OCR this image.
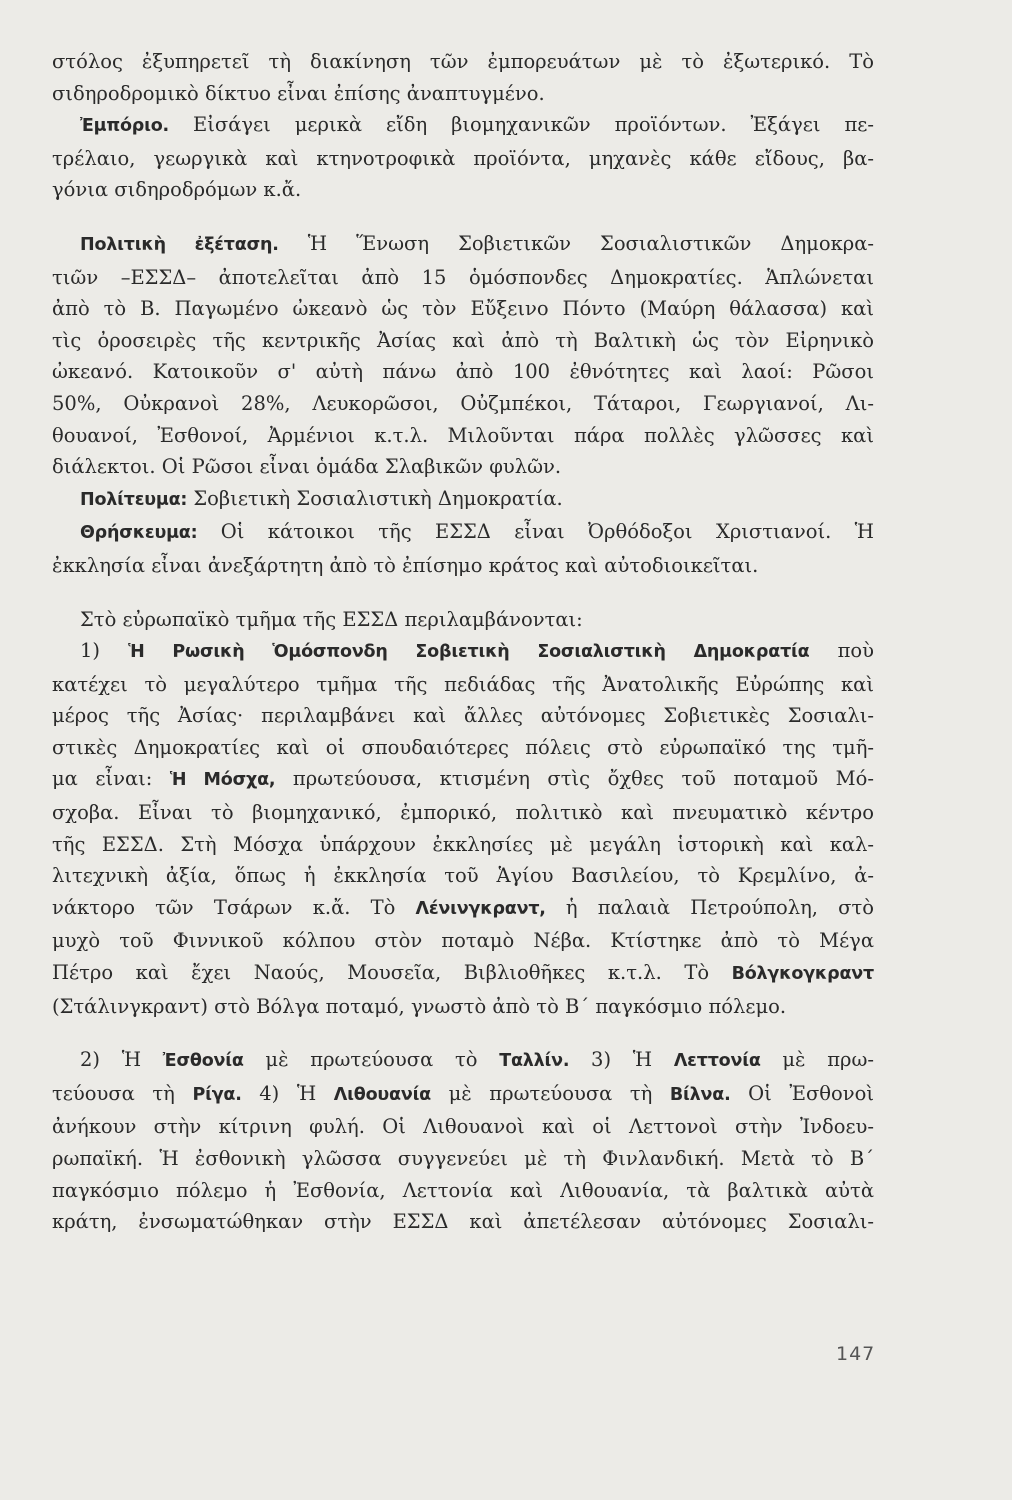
στόλος ἐξυπηρετεῖ τὴ διακίνηση τῶν ἐμπορευάτων μὲ τὸ ἐξωτερικό. Τὸ
σιδηροδρομικὸ δίκτυο εἶναι ἐπίσης ἀναπτυγμένο.
Ἐμπόριο. Εἰσάγει μερικὰ εἴδη βιομηχανικῶν προϊόντων. Ἐξάγει πε-
τρέλαιο, γεωργικὰ καὶ κτηνοτροφικὰ προϊόντα, μηχανὲς κάθε εἴδους, βα-
γόνια σιδηροδρόμων κ.ἄ.
Πολιτικὴ ἐξέταση. Ἡ Ἕνωση Σοβιετικῶν Σοσιαλιστικῶν Δημοκρα-
τιῶν –ΕΣΣΔ– ἀποτελεῖται ἀπὸ 15 ὁμόσπονδες Δημοκρατίες. Ἁπλώνεται
ἀπὸ τὸ Β. Παγωμένο ὠκεανὸ ὡς τὸν Εὔξεινο Πόντο (Μαύρη θάλασσα) καὶ
τὶς ὀροσειρὲς τῆς κεντρικῆς Ἀσίας καὶ ἀπὸ τὴ Βαλτικὴ ὡς τὸν Εἰρηνικὸ
ὠκεανό. Κατοικοῦν σ' αὐτὴ πάνω ἀπὸ 100 ἐθνότητες καὶ λαοί: Ρῶσοι
50%, Οὐκρανοὶ 28%, Λευκορῶσοι, Οὐζμπέκοι, Τάταροι, Γεωργιανοί, Λι-
θουανοί, Ἐσθονοί, Ἀρμένιοι κ.τ.λ. Μιλοῦνται πάρα πολλὲς γλῶσσες καὶ
διάλεκτοι. Οἱ Ρῶσοι εἶναι ὁμάδα Σλαβικῶν φυλῶν.
Πολίτευμα: Σοβιετικὴ Σοσιαλιστικὴ Δημοκρατία.
Θρήσκευμα: Οἱ κάτοικοι τῆς ΕΣΣΔ εἶναι Ὀρθόδοξοι Χριστιανοί. Ἡ
ἐκκλησία εἶναι ἀνεξάρτητη ἀπὸ τὸ ἐπίσημο κράτος καὶ αὐτοδιοικεῖται.
Στὸ εὐρωπαϊκὸ τμῆμα τῆς ΕΣΣΔ περιλαμβάνονται:
1) Ἡ Ρωσικὴ Ὁμόσπονδη Σοβιετικὴ Σοσιαλιστικὴ Δημοκρατία ποὺ
κατέχει τὸ μεγαλύτερο τμῆμα τῆς πεδιάδας τῆς Ἀνατολικῆς Εὐρώπης καὶ
μέρος τῆς Ἀσίας· περιλαμβάνει καὶ ἄλλες αὐτόνομες Σοβιετικὲς Σοσιαλι-
στικὲς Δημοκρατίες καὶ οἱ σπουδαιότερες πόλεις στὸ εὐρωπαϊκό της τμῆ-
μα εἶναι: Ἡ Μόσχα, πρωτεύουσα, κτισμένη στὶς ὄχθες τοῦ ποταμοῦ Μό-
σχοβα. Εἶναι τὸ βιομηχανικό, ἐμπορικό, πολιτικὸ καὶ πνευματικὸ κέντρο
τῆς ΕΣΣΔ. Στὴ Μόσχα ὑπάρχουν ἐκκλησίες μὲ μεγάλη ἱστορικὴ καὶ καλ-
λιτεχνικὴ ἀξία, ὅπως ἡ ἐκκλησία τοῦ Ἁγίου Βασιλείου, τὸ Κρεμλίνο, ἀ-
νάκτορο τῶν Τσάρων κ.ἄ. Τὸ Λένινγκραντ, ἡ παλαιὰ Πετρούπολη, στὸ
μυχὸ τοῦ Φιννικοῦ κόλπου στὸν ποταμὸ Νέβα. Κτίστηκε ἀπὸ τὸ Μέγα
Πέτρο καὶ ἔχει Ναούς, Μουσεῖα, Βιβλιοθῆκες κ.τ.λ. Τὸ Βόλγκογκραντ
(Στάλινγκραντ) στὸ Βόλγα ποταμό, γνωστὸ ἀπὸ τὸ Β΄ παγκόσμιο πόλεμο.
2) Ἡ Ἐσθονία μὲ πρωτεύουσα τὸ Ταλλίν. 3) Ἡ Λεττονία μὲ πρω-
τεύουσα τὴ Ρίγα. 4) Ἡ Λιθουανία μὲ πρωτεύουσα τὴ Βίλνα. Οἱ Ἐσθονοὶ
ἀνήκουν στὴν κίτρινη φυλή. Οἱ Λιθουανοὶ καὶ οἱ Λεττονοὶ στὴν Ἰνδοευ-
ρωπαϊκή. Ἡ ἐσθονικὴ γλῶσσα συγγενεύει μὲ τὴ Φινλανδική. Μετὰ τὸ Β΄
παγκόσμιο πόλεμο ἡ Ἐσθονία, Λεττονία καὶ Λιθουανία, τὰ βαλτικὰ αὐτὰ
κράτη, ἐνσωματώθηκαν στὴν ΕΣΣΔ καὶ ἀπετέλεσαν αὐτόνομες Σοσιαλι-
147
